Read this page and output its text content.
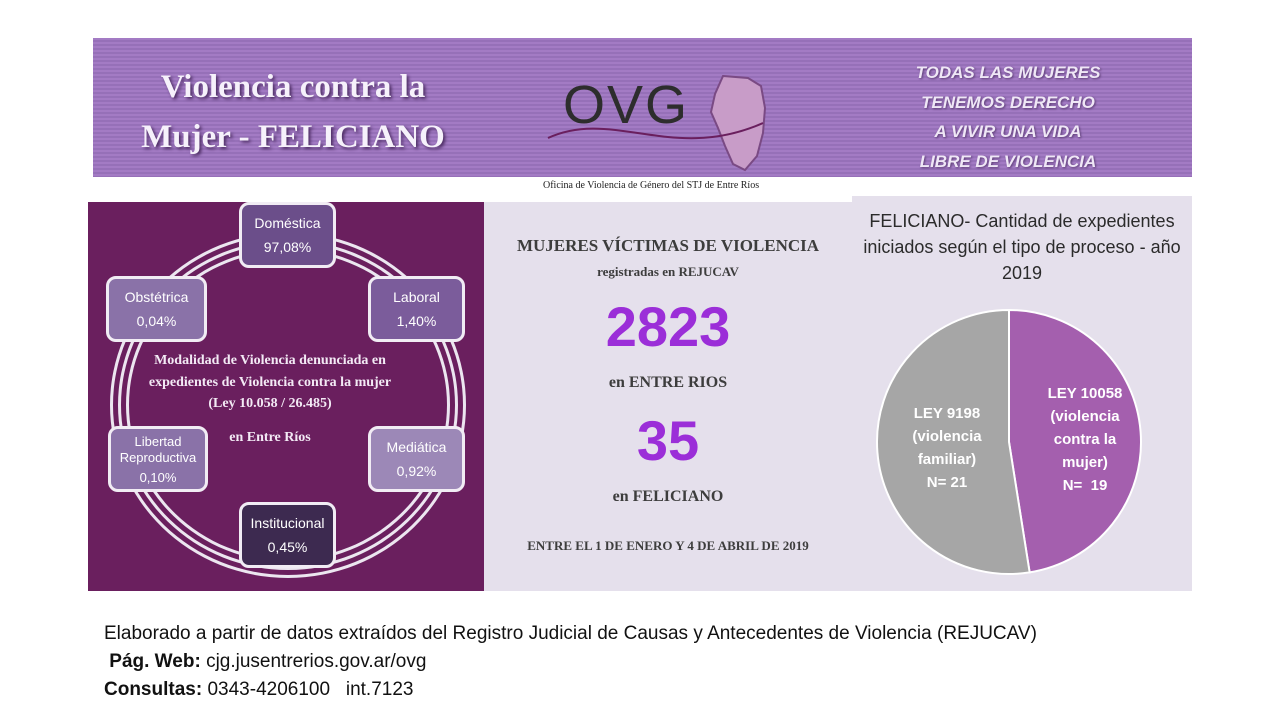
Violencia contra la
Mujer - FELICIANO
OVG
Oficina de Violencia de Género del STJ de Entre Ríos
TODAS LAS MUJERES
TENEMOS DERECHO
A VIVIR UNA VIDA
LIBRE DE VIOLENCIA
Doméstica
97,08%
Laboral
1,40%
Mediática
0,92%
Institucional
0,45%
Libertad Reproductiva
0,10%
Obstétrica
0,04%
Modalidad de Violencia denunciada en expedientes de Violencia contra la mujer (Ley 10.058 / 26.485)
en Entre Ríos
MUJERES VÍCTIMAS DE VIOLENCIA
registradas en REJUCAV
2823
en ENTRE RIOS
35
en FELICIANO
ENTRE EL 1 DE ENERO Y 4 DE ABRIL DE 2019
FELICIANO- Cantidad de expedientes iniciados según el tipo de proceso - año 2019
LEY 10058
(violencia
contra la
mujer)
N=  19
LEY 9198
(violencia
familiar)
N= 21
Elaborado a partir de datos extraídos del Registro Judicial de Causas y Antecedentes de Violencia (REJUCAV)
Pág. Web: cjg.jusentrerios.gov.ar/ovg
Consultas: 0343-4206100   int.7123
